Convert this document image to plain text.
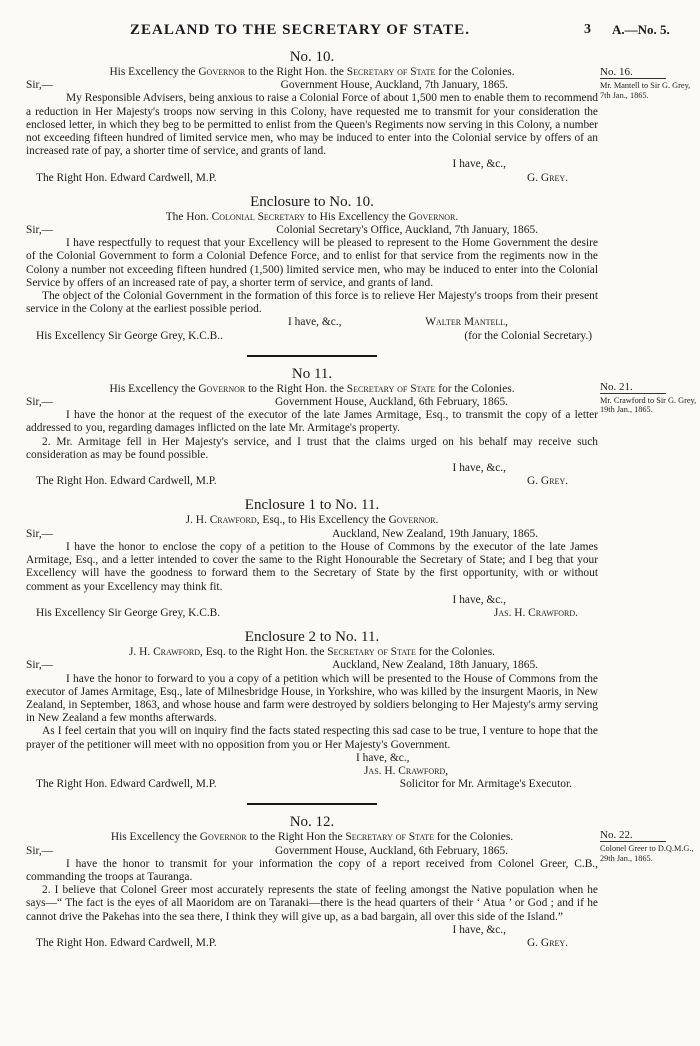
ZEALAND TO THE SECRETARY OF STATE.	3 A.—No. 5.
No. 16.
Mr. Mantell to Sir G. Grey, 7th Jan., 1865.

No. 10.

His Excellency the Governor to the Right Hon. the Secretary of State for the Colonies.

Sir,—	Government House, Auckland, 7th January, 1865.

My Responsible Advisers, being anxious to raise a Colonial Force of about 1,500 men to enable them to recommend a reduction in Her Majesty's troops now serving in this Colony, have requested me to transmit for your consideration the enclosed letter, in which they beg to be permitted to enlist from the Queen's Regiments now serving in this Colony, a number not exceeding fifteen hundred of limited service men, who may be induced to enter into the Colonial service by offers of an increased rate of pay, a shorter time of service, and grants of land.

I have, &c.,

The Right Hon. Edward Cardwell, M.P.	G. Grey.

Enclosure to No. 10.

The Hon. Colonial Secretary to His Excellency the Governor.

Sir,—	Colonial Secretary's Office, Auckland, 7th January, 1865.

I have respectfully to request that your Excellency will be pleased to represent to the Home Government the desire of the Colonial Government to form a Colonial Defence Force, and to enlist for that service from the regiments now in the Colony a number not exceeding fifteen hundred (1,500) limited service men, who may be induced to enter into the Colonial Service by offers of an increased rate of pay, a shorter term of service, and grants of land.

The object of the Colonial Government in the formation of this force is to relieve Her Majesty's troops from their present service in the Colony at the earliest possible period.

I have, &c.,	Walter Mantell,
His Excellency Sir George Grey, K.C.B..	(for the Colonial Secretary.)
No. 21.
Mr. Crawford to Sir G. Grey, 19th Jan., 1865.

No 11.

His Excellency the Governor to the Right Hon. the Secretary of State for the Colonies.

Sir,—	Government House, Auckland, 6th February, 1865.

I have the honor at the request of the executor of the late James Armitage, Esq., to transmit the copy of a letter addressed to you, regarding damages inflicted on the late Mr. Armitage's property.

2. Mr. Armitage fell in Her Majesty's service, and I trust that the claims urged on his behalf may receive such consideration as may be found possible.

I have, &c.,

The Right Hon. Edward Cardwell, M.P.	G. Grey.

Enclosure 1 to No. 11.

J. H. Crawford, Esq., to His Excellency the Governor.

Sir,—	Auckland, New Zealand, 19th January, 1865.

I have the honor to enclose the copy of a petition to the House of Commons by the executor of the late James Armitage, Esq., and a letter intended to cover the same to the Right Honourable the Secretary of State; and I beg that your Excellency will have the goodness to forward them to the Secretary of State by the first opportunity, with or without comment as your Excellency may think fit.

I have, &c.,

His Excellency Sir George Grey, K.C.B.	Jas. H. Crawford.

Enclosure 2 to No. 11.

J. H. Crawford, Esq. to the Right Hon. the Secretary of State for the Colonies.

Sir,—	Auckland, New Zealand, 18th January, 1865.

I have the honor to forward to you a copy of a petition which will be presented to the House of Commons from the executor of James Armitage, Esq., late of Milnesbridge House, in Yorkshire, who was killed by the insurgent Maoris, in New Zealand, in September, 1863, and whose house and farm were destroyed by soldiers belonging to Her Majesty's army serving in New Zealand a few months afterwards.

As I feel certain that you will on inquiry find the facts stated respecting this sad case to be true, I venture to hope that the prayer of the petitioner will meet with no opposition from you or Her Majesty's Government.

I have, &c.,

Jas. H. Crawford,

The Right Hon. Edward Cardwell, M.P.	Solicitor for Mr. Armitage's Executor.
No. 22.
Colonel Greer to D.Q.M.G., 29th Jan., 1865.

No. 12.

His Excellency the Governor to the Right Hon the Secretary of State for the Colonies.

Sir,—	Government House, Auckland, 6th February, 1865.

I have the honor to transmit for your information the copy of a report received from Colonel Greer, C.B., commanding the troops at Tauranga.

2. I believe that Colonel Greer most accurately represents the state of feeling amongst the Native population when he says—“ The fact is the eyes of all Maoridom are on Taranaki—there is the head quarters of their ‘ Atua ’ or God ; and if he cannot drive the Pakehas into the sea there, I think they will give up, as a bad bargain, all over this side of the Island.”

I have, &c.,

The Right Hon. Edward Cardwell, M.P.	G. Grey.
